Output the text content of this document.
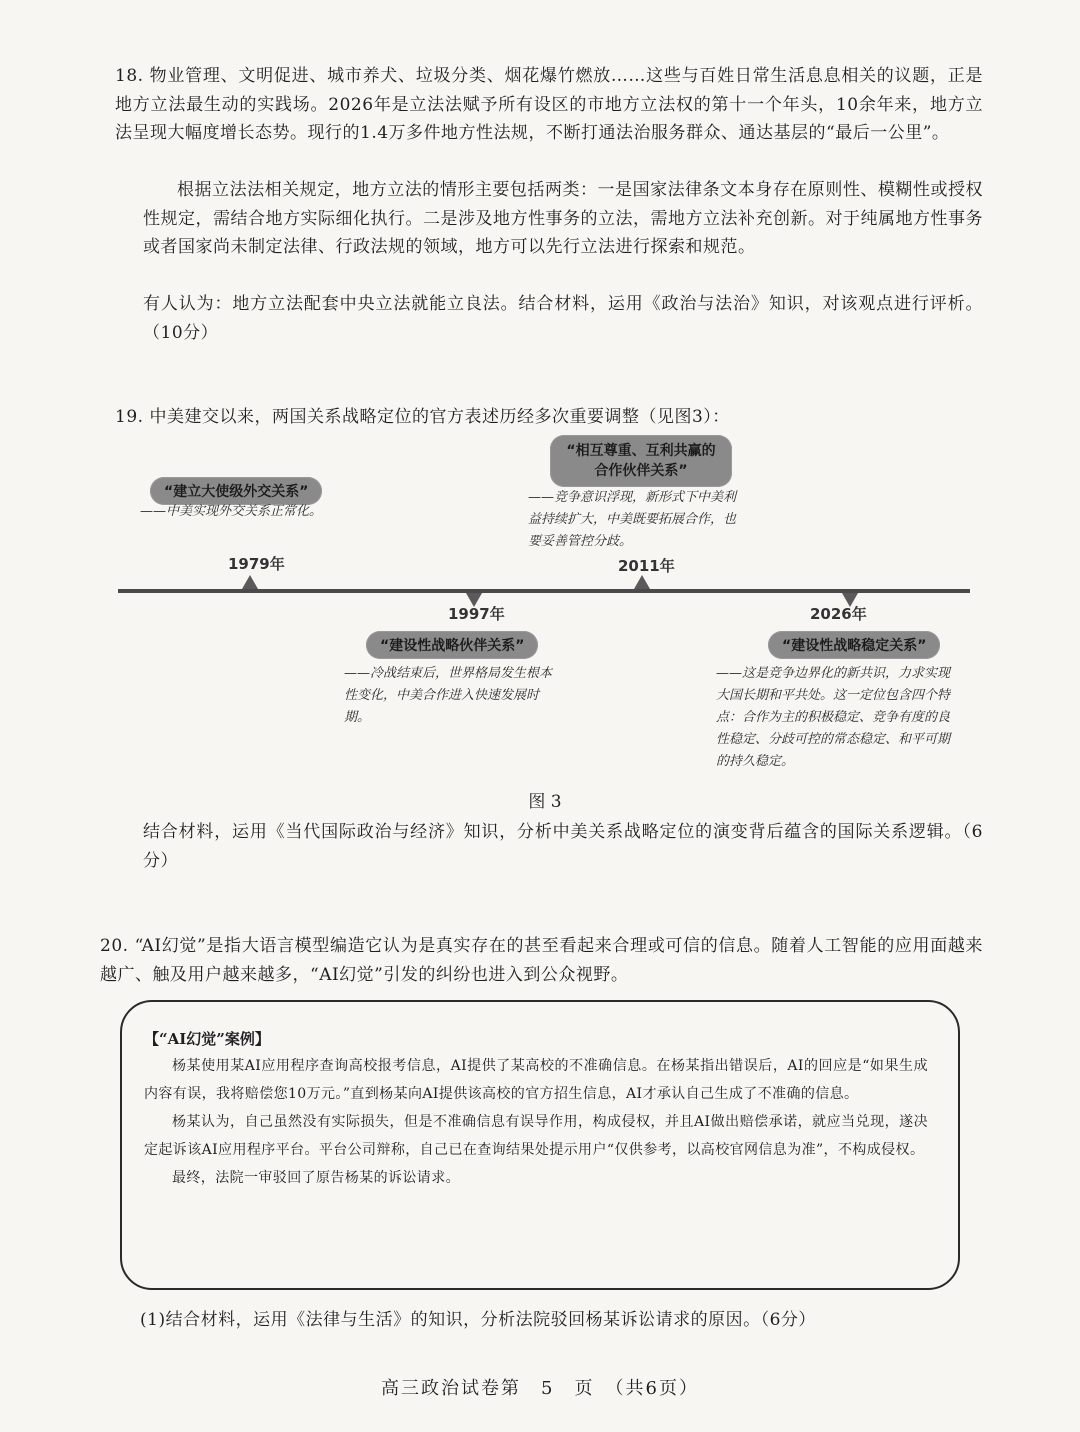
18. 物业管理、文明促进、城市养犬、垃圾分类、烟花爆竹燃放……这些与百姓日常生活息息相关的议题，正是地方立法最生动的实践场。2026年是立法法赋予所有设区的市地方立法权的第十一个年头，10余年来，地方立法呈现大幅度增长态势。现行的1.4万多件地方性法规，不断打通法治服务群众、通达基层的“最后一公里”。
根据立法法相关规定，地方立法的情形主要包括两类：一是国家法律条文本身存在原则性、模糊性或授权性规定，需结合地方实际细化执行。二是涉及地方性事务的立法，需地方立法补充创新。对于纯属地方性事务或者国家尚未制定法律、行政法规的领域，地方可以先行立法进行探索和规范。
有人认为：地方立法配套中央立法就能立良法。结合材料，运用《政治与法治》知识，对该观点进行评析。（10分）
19. 中美建交以来，两国关系战略定位的官方表述历经多次重要调整（见图3）：
“建立大使级外交关系”
——中美实现外交关系正常化。
1979年
“相互尊重、互利共赢的合作伙伴关系”
——竞争意识浮现，新形式下中美利益持续扩大，中美既要拓展合作，也要妥善管控分歧。
2011年
1997年
“建设性战略伙伴关系”
——冷战结束后，世界格局发生根本性变化，中美合作进入快速发展时期。
2026年
“建设性战略稳定关系”
——这是竞争边界化的新共识，力求实现大国长期和平共处。这一定位包含四个特点：合作为主的积极稳定、竞争有度的良性稳定、分歧可控的常态稳定、和平可期的持久稳定。
图 3
结合材料，运用《当代国际政治与经济》知识，分析中美关系战略定位的演变背后蕴含的国际关系逻辑。（6分）
20. “AI幻觉”是指大语言模型编造它认为是真实存在的甚至看起来合理或可信的信息。随着人工智能的应用面越来越广、触及用户越来越多，“AI幻觉”引发的纠纷也进入到公众视野。
【“AI幻觉”案例】

杨某使用某AI应用程序查询高校报考信息，AI提供了某高校的不准确信息。在杨某指出错误后，AI的回应是“如果生成内容有误，我将赔偿您10万元。”直到杨某向AI提供该高校的官方招生信息，AI才承认自己生成了不准确的信息。

杨某认为，自己虽然没有实际损失，但是不准确信息有误导作用，构成侵权，并且AI做出赔偿承诺，就应当兑现，遂决定起诉该AI应用程序平台。平台公司辩称，自己已在查询结果处提示用户“仅供参考，以高校官网信息为准”，不构成侵权。

最终，法院一审驳回了原告杨某的诉讼请求。

(1)结合材料，运用《法律与生活》的知识，分析法院驳回杨某诉讼请求的原因。（6分）
高三政治试卷第　5　页　（共6页）
